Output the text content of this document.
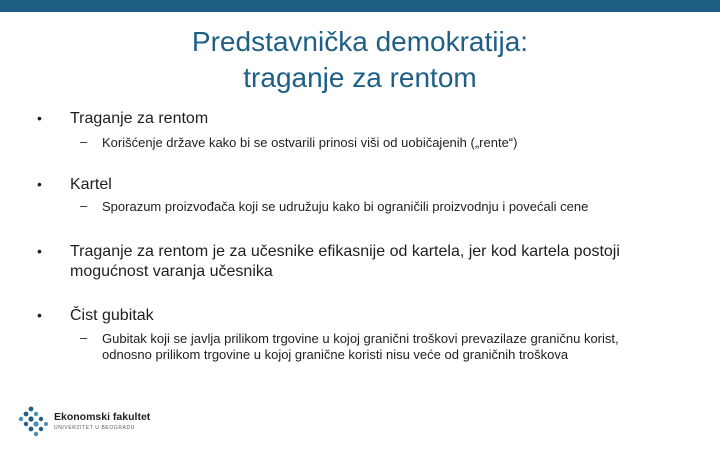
Predstavnička demokratija:
traganje za rentom
• Traganje za rentom
– Korišćenje države kako bi se ostvarili prinosi viši od uobičajenih („rente“)
• Kartel
– Sporazum proizvođača koji se udružuju kako bi ograničili proizvodnju i povećali cene
• Traganje za rentom je za učesnike efikasnije od kartela, jer kod kartela postoji
mogućnost varanja učesnika
• Čist gubitak
– Gubitak koji se javlja prilikom trgovine u kojoj granični troškovi prevazilaze graničnu korist,
odnosno prilikom trgovine u kojoj granične koristi nisu veće od graničnih troškova
Ekonomski fakultet
UNIVERZITET U BEOGRADU
